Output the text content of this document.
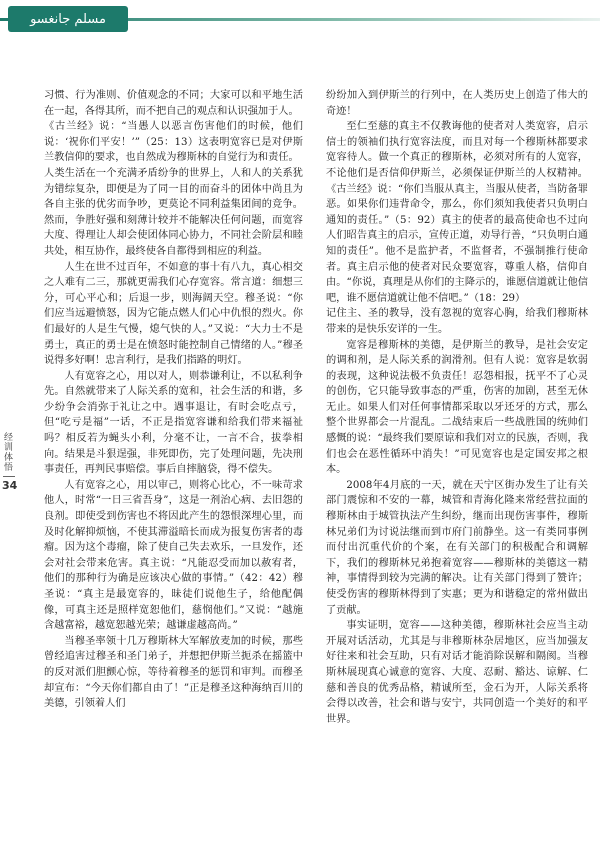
مسلم جانغسو
经训体悟
34

习惯、行为准则、价值观念的不同；大家可以和平地生活在一起，各得其所，而不把自己的观点和认识强加于人。

《古兰经》说：“当愚人以恶言伤害他们的时候，他们说：‘祝你们平安！’”（25：13）这表明宽容已是对伊斯兰教信仰的要求，也自然成为穆斯林的自觉行为和责任。

人类生活在一个充满矛盾纷争的世界上，人和人的关系犹为错综复杂，即便是为了同一目的而奋斗的团体中尚且为各自主张的优劣而争吵，更莫论不同利益集团间的竞争。然而，争胜好强和刻薄计较并不能解决任何问题，而宽容大度、得理让人却会使团体同心协力，不同社会阶层和睦共处，相互协作，最终使各自都得到相应的利益。

人生在世不过百年，不如意的事十有八九，真心相交之人难有二三，那就更需我们心存宽容。常言道：细想三分，可心平心和；后退一步，则海阔天空。穆圣说：“你们应当远避愤怒，因为它能点燃人们心中仇恨的烈火。你们最好的人是生气慢，熄气快的人。”又说：“大力士不是勇士，真正的勇士是在愤怒时能控制自己情绪的人。”穆圣说得多好啊！忠言利行，是我们指路的明灯。

人有宽容之心，用以对人，则恭谦利让，不以私利争先。自然就带来了人际关系的宽和，社会生活的和谐，多少纷争会消弥于礼让之中。遇事退让，有时会吃点亏，但“吃亏是福”一话，不正是指宽容谦和给我们带来福祉吗？相反若为蝇头小利，分毫不让，一言不合，拔拳相向。结果是斗狠逞强，非死即伤，完了处理问题，先决刑事责任，再判民事赔偿。事后自摔脑袋，得不偿失。

人有宽容之心，用以审己，则将心比心，不一味苛求他人，时常“一日三省吾身”，这是一剂治心病、去旧怨的良剂。即使受到伤害也不将因此产生的怨恨深埋心里，而及时化解抑烦恼，不使其滞溢暗长而成为报复伤害者的毒瘤。因为这个毒瘤，除了使自己失去欢乐，一旦发作，还会对社会带来危害。真主说：“凡能忍受而加以赦宥者，他们的那种行为确是应该决心做的事情。”（42：42）穆圣说：“真主是最宽容的，昧徒们说他生子，给他配偶像，可真主还是照样宽恕他们，慈悯他们。”又说：“越施含越富裕，越宽恕越光荣；越谦虚越高尚。”

当穆圣率领十几万穆斯林大军解放麦加的时候，那些曾经追害过穆圣和圣门弟子，并想把伊斯兰扼杀在摇篮中的反对派们胆颤心惊，等待着穆圣的惩罚和审判。而穆圣却宣布：“今天你们都自由了！”正是穆圣这种海纳百川的美德，引领着人们

纷纷加入到伊斯兰的行列中，在人类历史上创造了伟大的奇迹！

至仁至慈的真主不仅教诲他的使者对人类宽容，启示信士的领袖们执行宽容法度，而且对每一个穆斯林都要求宽容待人。做一个真正的穆斯林，必须对所有的人宽容，不论他们是否信仰伊斯兰，必须保证伊斯兰的人权精神。《古兰经》说：“你们当服从真主，当服从使者，当防备罪恶。如果你们违背命令，那么，你们须知我使者只负明白通知的责任。”（5：92）真主的使者的最高使命也不过向人们昭告真主的启示，宣传正道，劝导行善，“只负明白通知的责任”。他不是监护者，不监督者，不强制推行使命者。真主启示他的使者对民众要宽容，尊重人格，信仰自由。“你说，真理是从你们的主降示的，谁愿信道就让他信吧，谁不愿信道就让他不信吧。”（18：29）

记住主、圣的教导，没有忽视的宽容心胸，给我们穆斯林带来的是快乐安详的一生。

宽容是穆斯林的美德，是伊斯兰的教导，是社会安定的调和剂，是人际关系的润滑剂。但有人说：宽容是软弱的表现，这种说法极不负责任！忍怨相报，抚平不了心灵的创伤，它只能导致事态的严重，伤害的加剧，甚至无休无止。如果人们对任何事情都采取以牙还牙的方式，那么整个世界都会一片混乱。二战结束后一些战胜国的统帅们感慨的说：“最终我们要原谅和我们对立的民族，否则，我们也会在恶性循环中消失！”可见宽容也是定国安邦之根本。

2008年4月底的一天，就在天宁区街办发生了让有关部门震惊和不安的一幕，城管和青海化隆来常经营拉面的穆斯林由于城管执法产生纠纷，继而出现伤害事件，穆斯林兄弟们为讨说法继而到市府门前静坐。这一有类同事例而付出沉重代价的个案，在有关部门的积极配合和调解下，我们的穆斯林兄弟抱着宽容——穆斯林的美德这一精神，事情得到较为完满的解决。让有关部门得到了赞许；使受伤害的穆斯林得到了实惠；更为和谐稳定的常州做出了贡献。

事实证明，宽容——这种美德，穆斯林社会应当主动开展对话活动，尤其是与非穆斯林杂居地区，应当加强友好往来和社会互助，只有对话才能消除误解和隔阂。当穆斯林展现真心诚意的宽容、大度、忍耐、豁达、谅解、仁慈和善良的优秀品格，精诚所至，金石为开，人际关系将会得以改善，社会和谐与安宁，共同创造一个美好的和平世界。
